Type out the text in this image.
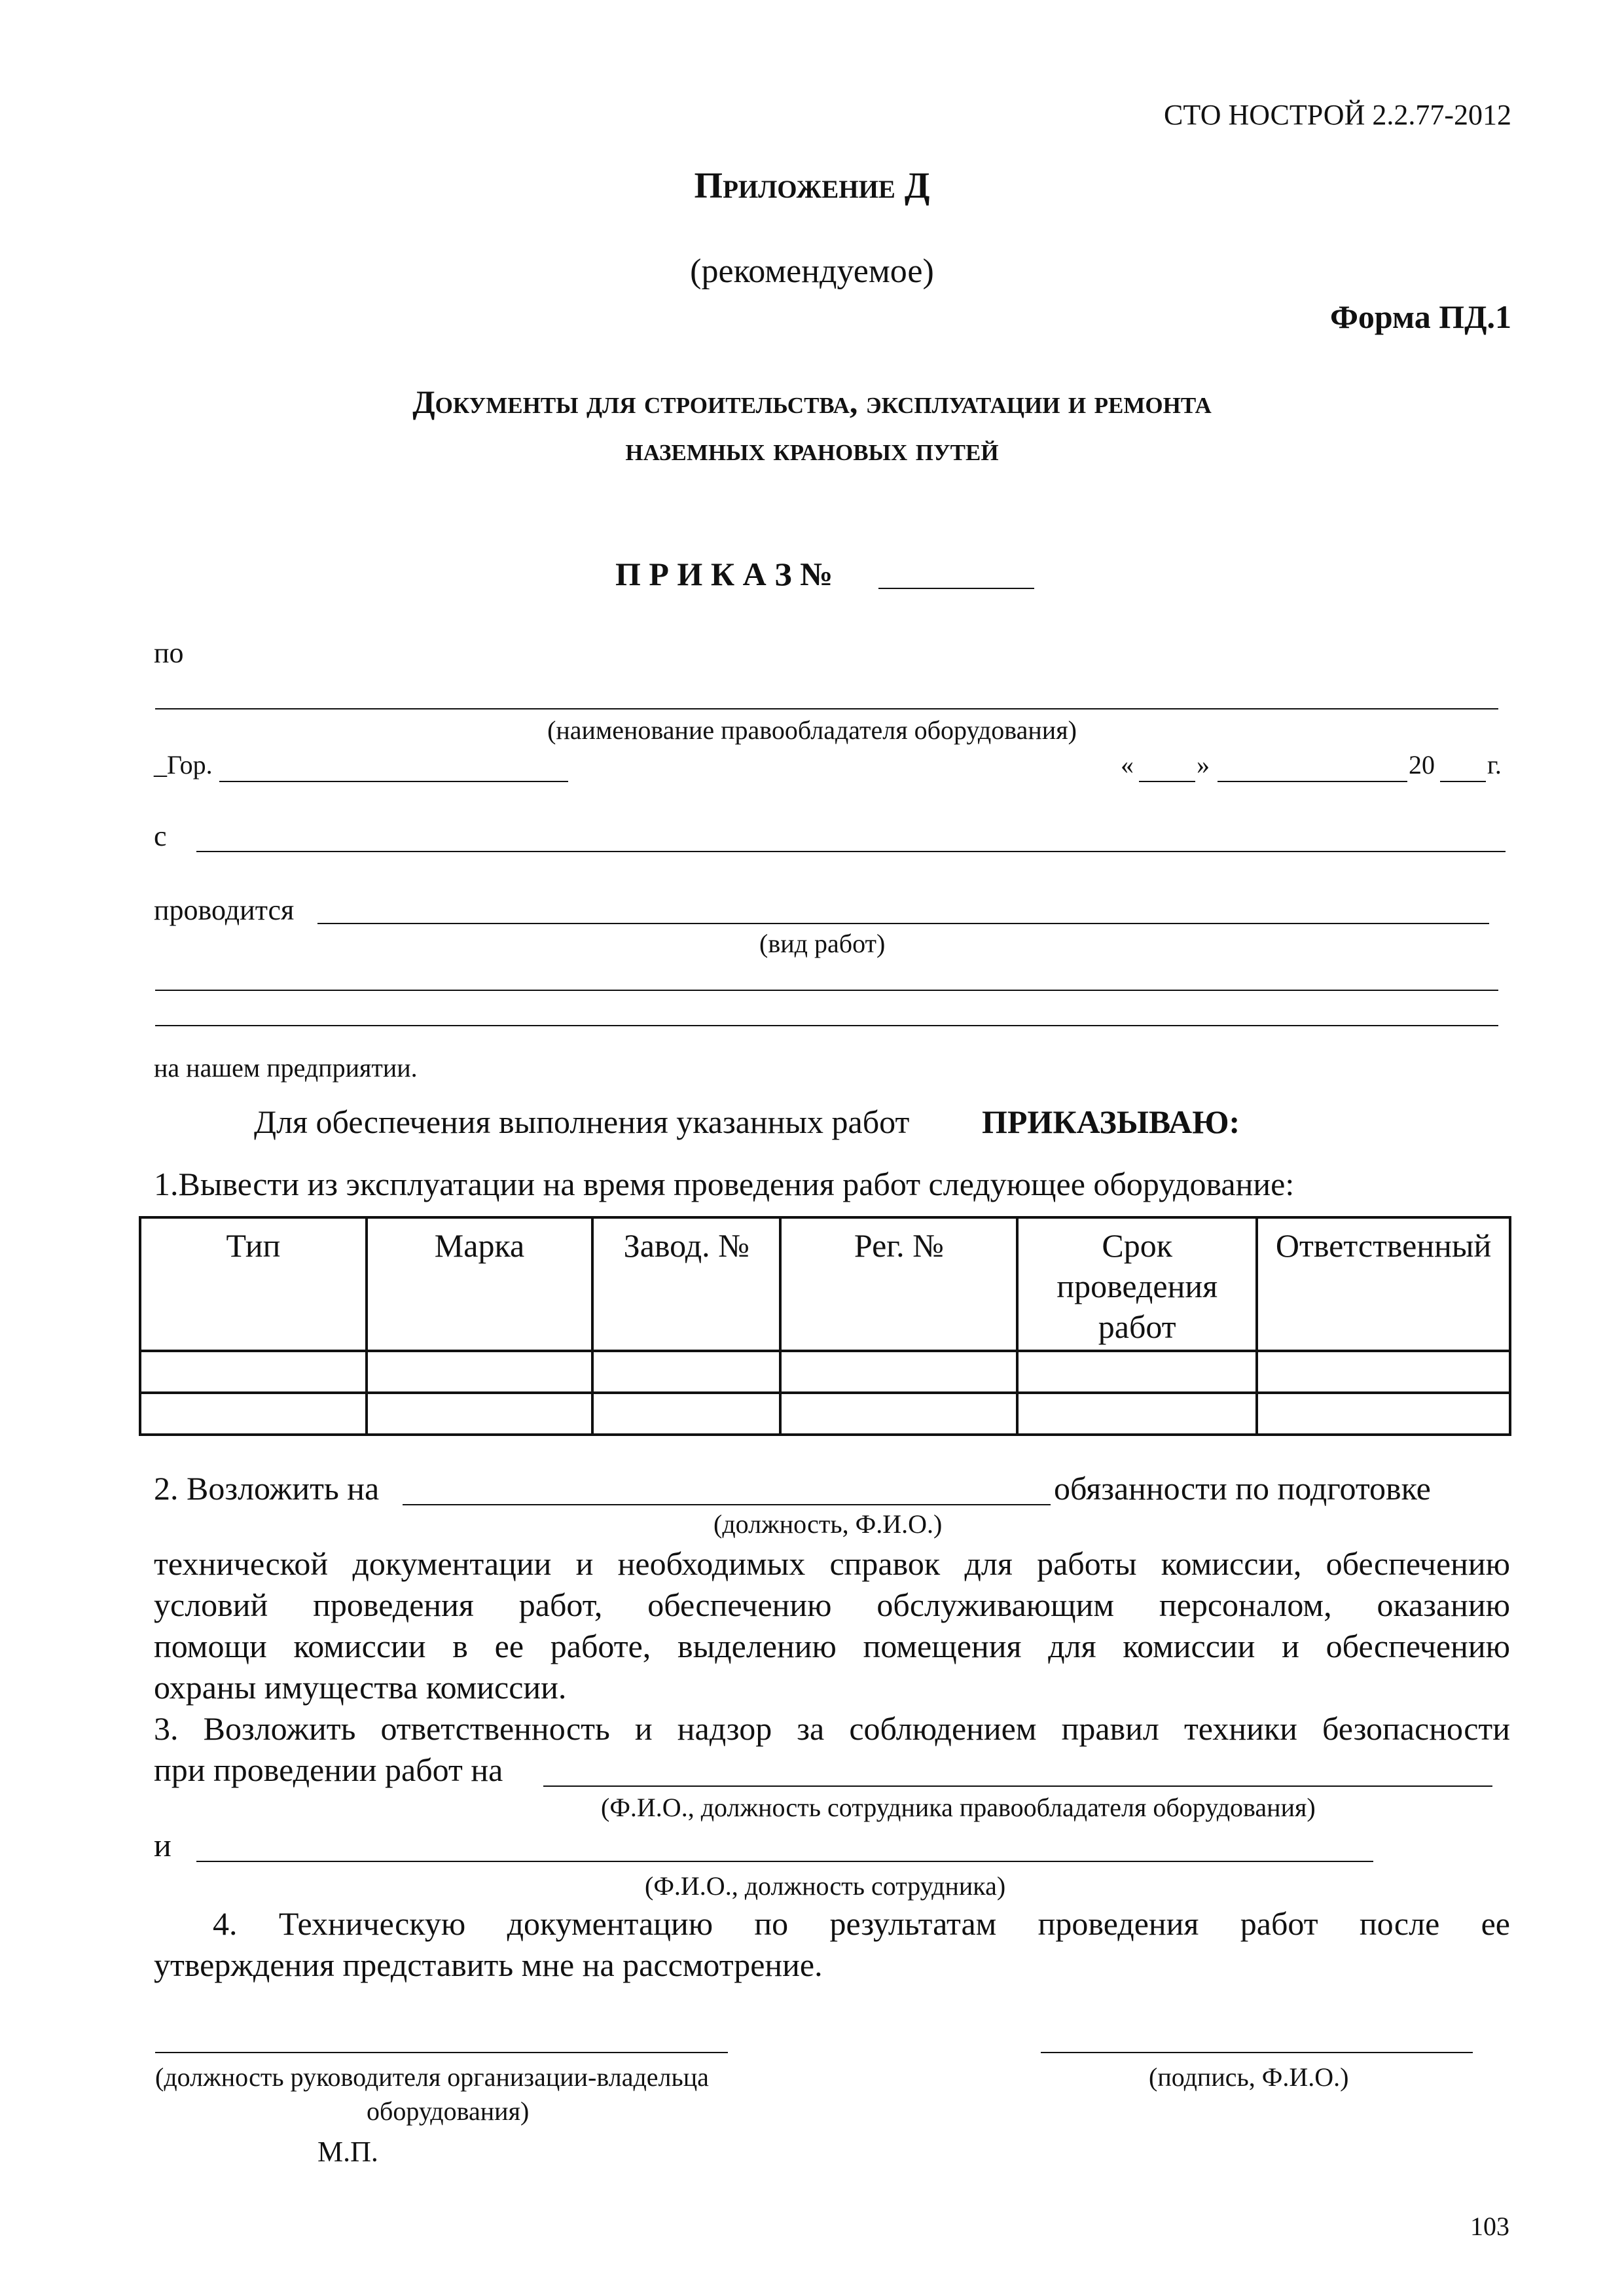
СТО НОСТРОЙ 2.2.77-2012
Приложение Д
(рекомендуемое)
Форма ПД.1
Документы для строительства, эксплуатации и ремонта
наземных крановых путей
П Р И К А З №
по
(наименование правообладателя оборудования)
_Гор.	« »	20 г.
с
проводится
(вид работ)
на нашем предприятии.
Для обеспечения выполнения указанных работ ПРИКАЗЫВАЮ:
1.Вывести из эксплуатации на время проведения работ следующее оборудование:
Тип	Марка	Завод. №	Рег. №	Срок проведения работ	Ответственный

2. Возложить на	обязанности по подготовке
(должность, Ф.И.О.)
технической документации и необходимых справок для работы комиссии, обеспечению
условий проведения работ, обеспечению обслуживающим персоналом, оказанию
помощи комиссии в ее работе, выделению помещения для комиссии и обеспечению
охраны имущества комиссии.
3. Возложить ответственность и надзор за соблюдением правил техники безопасности
при проведении работ на
(Ф.И.О., должность сотрудника правообладателя оборудования)
и
(Ф.И.О., должность сотрудника)
4. Техническую документацию по результатам проведения работ после ее
утверждения представить мне на рассмотрение.
(должность руководителя организации-владельца
оборудования)
М.П.
(подпись, Ф.И.О.)
103
